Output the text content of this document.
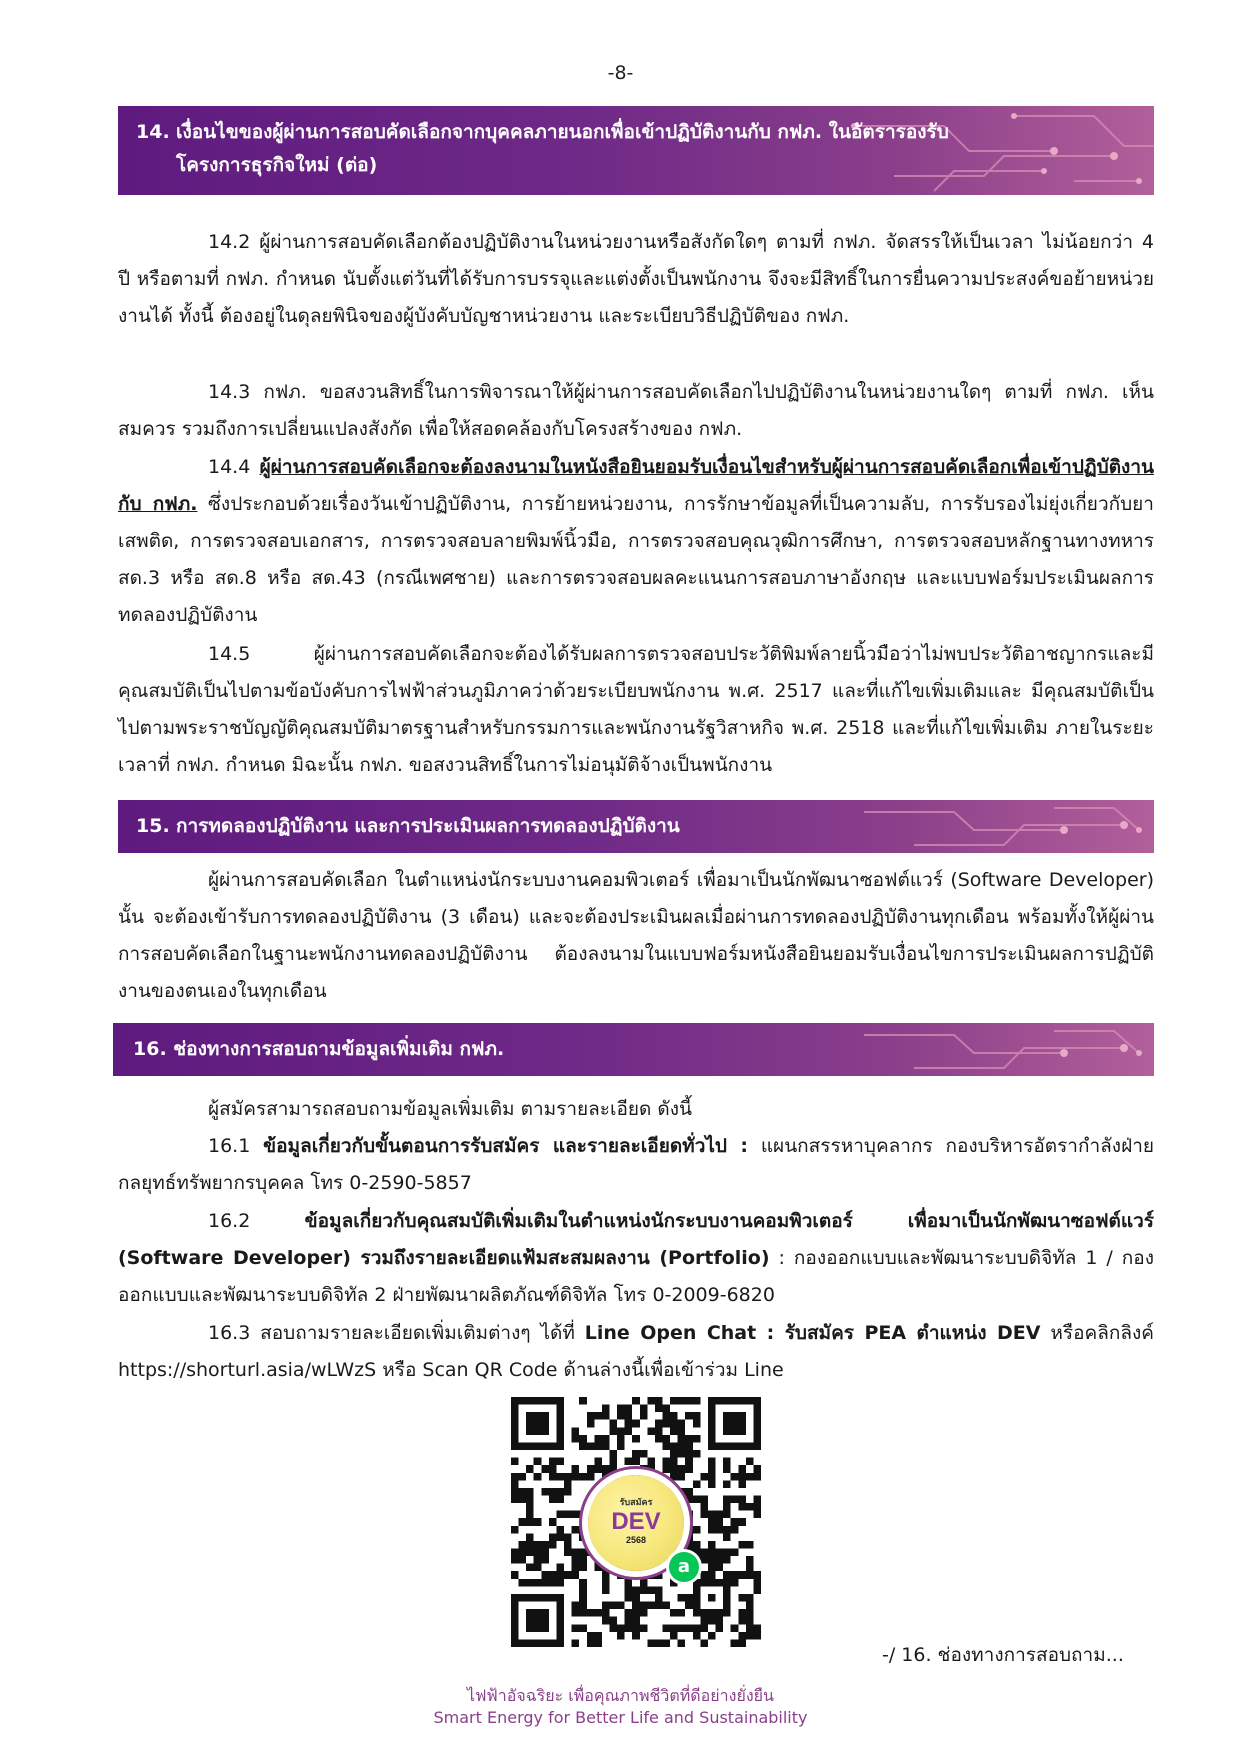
-8-
14. เงื่อนไขของผู้ผ่านการสอบคัดเลือกจากบุคคลภายนอกเพื่อเข้าปฏิบัติงานกับ กฟภ. ในอัตรารองรับ
โครงการธุรกิจใหม่ (ต่อ)

14.2 ผู้ผ่านการสอบคัดเลือกต้องปฏิบัติงานในหน่วยงานหรือสังกัดใดๆ ตามที่ กฟภ. จัดสรรให้เป็นเวลา ไม่น้อยกว่า 4 ปี หรือตามที่ กฟภ. กำหนด นับตั้งแต่วันที่ได้รับการบรรจุและแต่งตั้งเป็นพนักงาน จึงจะมีสิทธิ์ในการยื่นความประสงค์ขอย้ายหน่วยงานได้ ทั้งนี้ ต้องอยู่ในดุลยพินิจของผู้บังคับบัญชาหน่วยงาน และระเบียบวิธีปฏิบัติของ กฟภ.

14.3 กฟภ. ขอสงวนสิทธิ์ในการพิจารณาให้ผู้ผ่านการสอบคัดเลือกไปปฏิบัติงานในหน่วยงานใดๆ ตามที่ กฟภ. เห็นสมควร รวมถึงการเปลี่ยนแปลงสังกัด เพื่อให้สอดคล้องกับโครงสร้างของ กฟภ.

14.4 ผู้ผ่านการสอบคัดเลือกจะต้องลงนามในหนังสือยินยอมรับเงื่อนไขสำหรับผู้ผ่านการสอบคัดเลือกเพื่อเข้าปฏิบัติงานกับ กฟภ. ซึ่งประกอบด้วยเรื่องวันเข้าปฏิบัติงาน, การย้ายหน่วยงาน, การรักษาข้อมูลที่เป็นความลับ, การรับรองไม่ยุ่งเกี่ยวกับยาเสพติด, การตรวจสอบเอกสาร, การตรวจสอบลายพิมพ์นิ้วมือ, การตรวจสอบคุณวุฒิการศึกษา, การตรวจสอบหลักฐานทางทหาร สด.3 หรือ สด.8 หรือ สด.43 (กรณีเพศชาย) และการตรวจสอบผลคะแนนการสอบภาษาอังกฤษ และแบบฟอร์มประเมินผลการทดลองปฏิบัติงาน

14.5 ผู้ผ่านการสอบคัดเลือกจะต้องได้รับผลการตรวจสอบประวัติพิมพ์ลายนิ้วมือว่าไม่พบประวัติอาชญากรและมีคุณสมบัติเป็นไปตามข้อบังคับการไฟฟ้าส่วนภูมิภาคว่าด้วยระเบียบพนักงาน พ.ศ. 2517 และที่แก้ไขเพิ่มเติมและ มีคุณสมบัติเป็นไปตามพระราชบัญญัติคุณสมบัติมาตรฐานสำหรับกรรมการและพนักงานรัฐวิสาหกิจ พ.ศ. 2518 และที่แก้ไขเพิ่มเติม ภายในระยะเวลาที่ กฟภ. กำหนด มิฉะนั้น กฟภ. ขอสงวนสิทธิ์ในการไม่อนุมัติจ้างเป็นพนักงาน

15. การทดลองปฏิบัติงาน และการประเมินผลการทดลองปฏิบัติงาน

ผู้ผ่านการสอบคัดเลือก ในตำแหน่งนักระบบงานคอมพิวเตอร์ เพื่อมาเป็นนักพัฒนาซอฟต์แวร์ (Software Developer) นั้น จะต้องเข้ารับการทดลองปฏิบัติงาน (3 เดือน) และจะต้องประเมินผลเมื่อผ่านการทดลองปฏิบัติงานทุกเดือน พร้อมทั้งให้ผู้ผ่านการสอบคัดเลือกในฐานะพนักงานทดลองปฏิบัติงาน ต้องลงนามในแบบฟอร์มหนังสือยินยอมรับเงื่อนไขการประเมินผลการปฏิบัติงานของตนเองในทุกเดือน

16. ช่องทางการสอบถามข้อมูลเพิ่มเติม กฟภ.

ผู้สมัครสามารถสอบถามข้อมูลเพิ่มเติม ตามรายละเอียด ดังนี้

16.1 ข้อมูลเกี่ยวกับขั้นตอนการรับสมัคร และรายละเอียดทั่วไป : แผนกสรรหาบุคลากร กองบริหารอัตรากำลังฝ่ายกลยุทธ์ทรัพยากรบุคคล โทร 0-2590-5857

16.2	ข้อมูลเกี่ยวกับคุณสมบัติเพิ่มเติมในตำแหน่งนักระบบงานคอมพิวเตอร์ เพื่อมาเป็นนักพัฒนาซอฟต์แวร์ (Software Developer) รวมถึงรายละเอียดแฟ้มสะสมผลงาน (Portfolio) : กองออกแบบและพัฒนาระบบดิจิทัล 1 / กองออกแบบและพัฒนาระบบดิจิทัล 2 ฝ่ายพัฒนาผลิตภัณฑ์ดิจิทัล โทร 0-2009-6820

16.3 สอบถามรายละเอียดเพิ่มเติมต่างๆ ได้ที่ Line Open Chat : รับสมัคร PEA ตำแหน่ง DEV หรือคลิกลิงค์ https://shorturl.asia/wLWzS หรือ Scan QR Code ด้านล่างนี้เพื่อเข้าร่วม Line

รับสมัคร
DEV
2568
a
-/ 16. ช่องทางการสอบถาม...
ไฟฟ้าอัจฉริยะ เพื่อคุณภาพชีวิตที่ดีอย่างยั่งยืน
Smart Energy for Better Life and Sustainability
